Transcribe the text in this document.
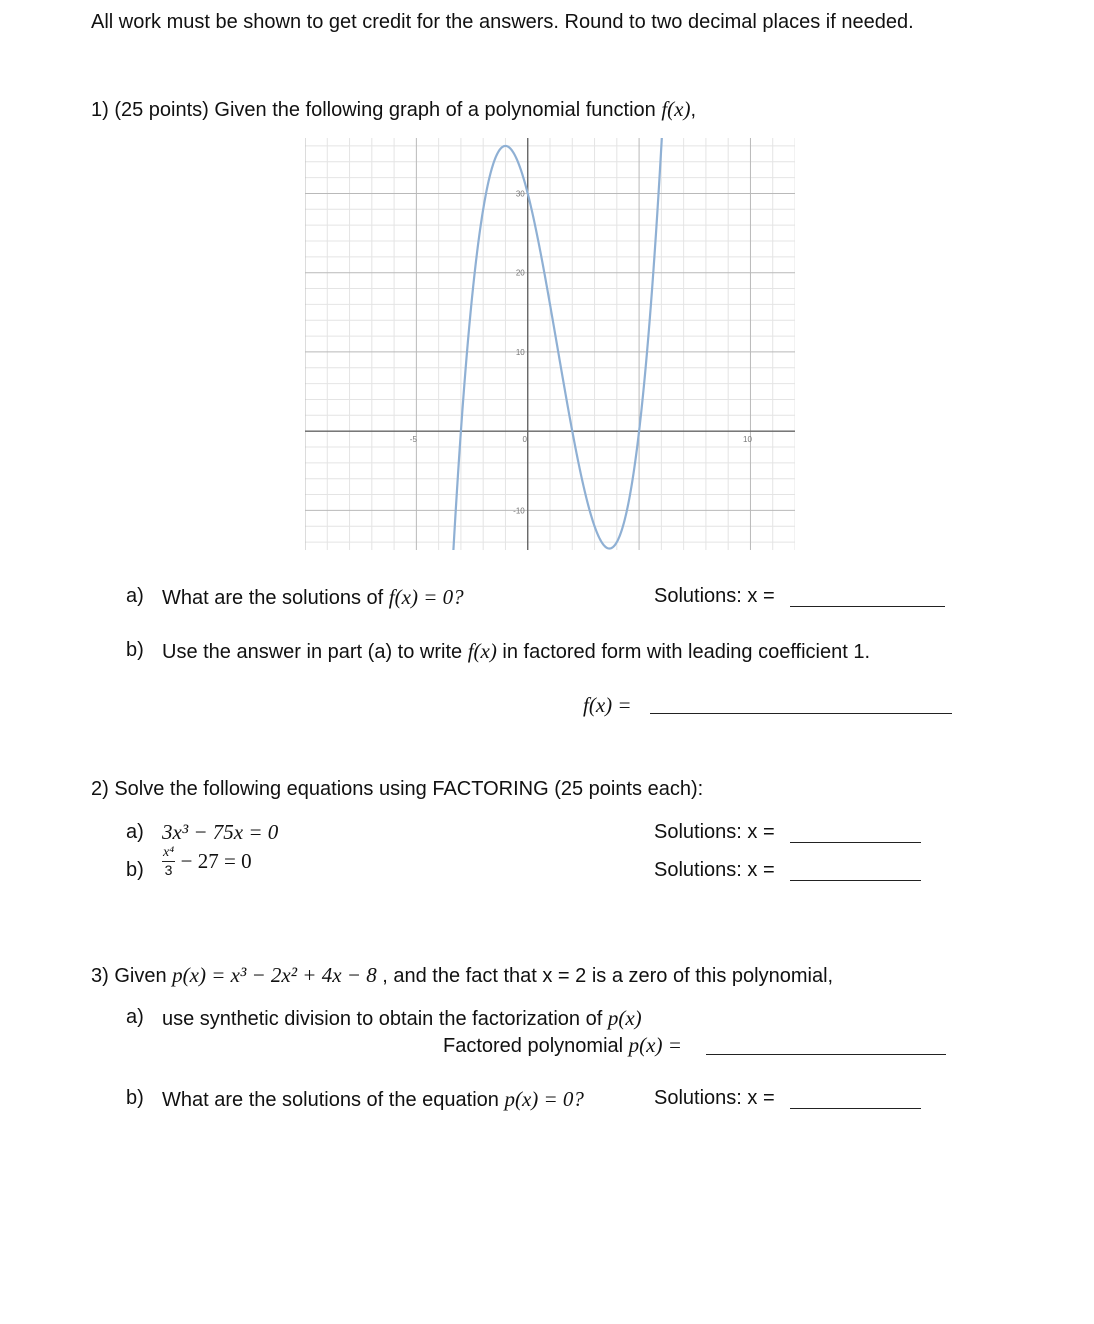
All work must be shown to get credit for the answers. Round to two decimal places if needed.
1) (25 points) Given the following graph of a polynomial function f(x),
-5	0	10
30
20
10
-10
a) What are the solutions of f(x) = 0?	Solutions: x =
b) Use the answer in part (a) to write f(x) in factored form with leading coefficient 1.
f(x) =
2) Solve the following equations using FACTORING (25 points each):
a) 3x³ − 75x = 0	Solutions: x =
$b) \frac{\text{x⁴}}{3} - 27 = 0$	Solutions: x =
3) Given p(x) = x³ − 2x² + 4x − 8 , and the fact that x = 2 is a zero of this polynomial,
a) use synthetic division to obtain the factorization of p(x)
Factored polynomial p(x) =
b) What are the solutions of the equation p(x) = 0?	Solutions: x =
